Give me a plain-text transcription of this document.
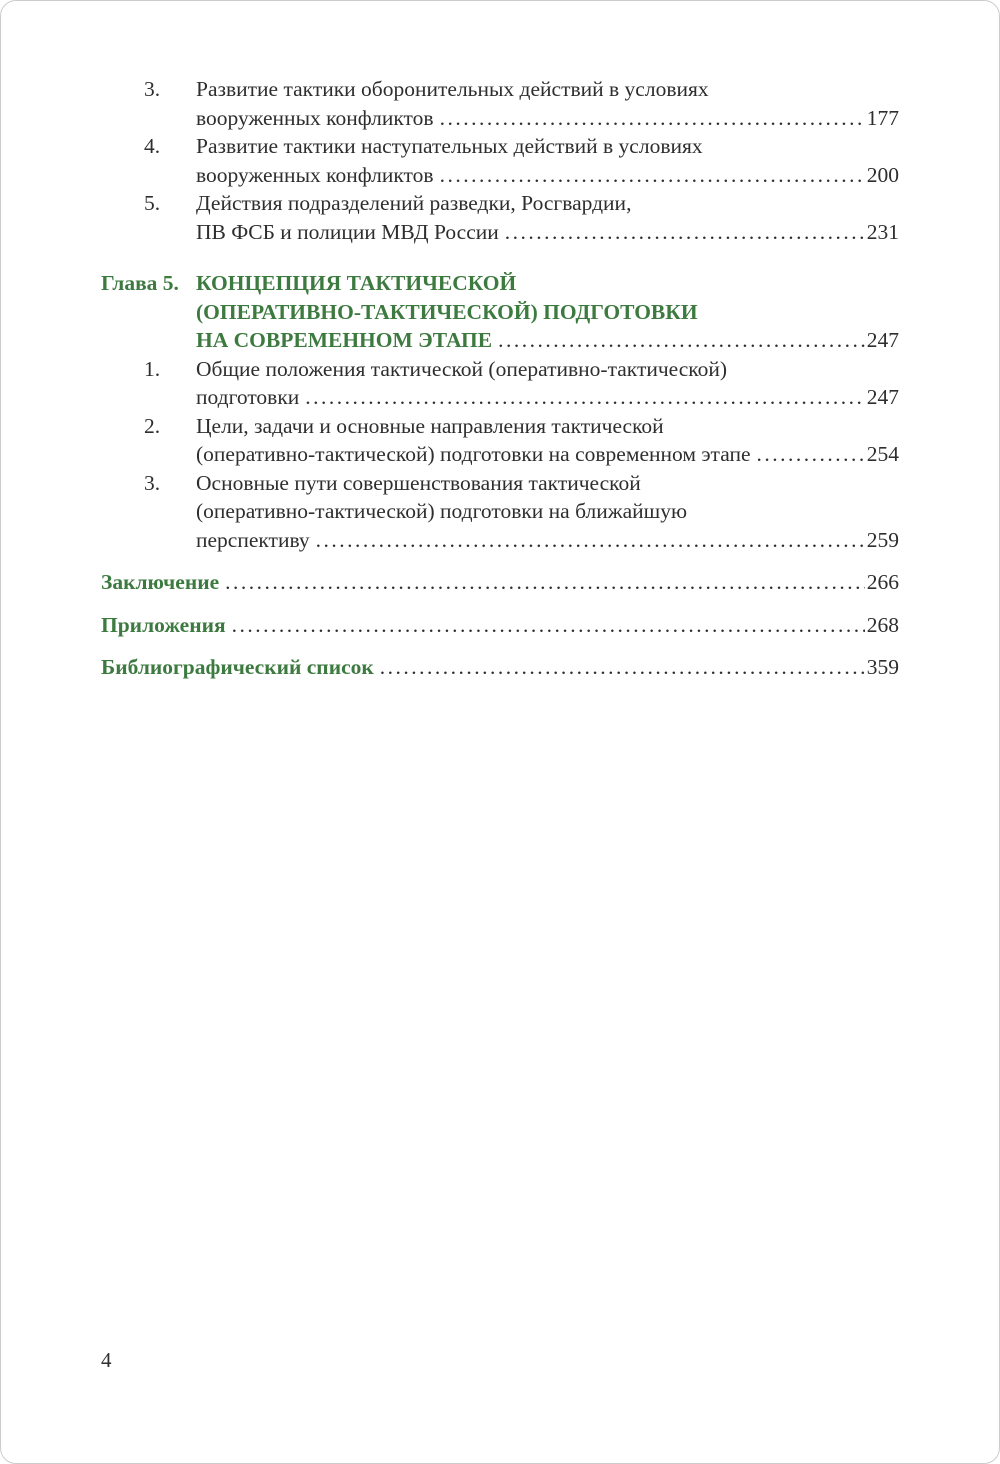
3.	Развитие тактики оборонительных действий в условиях
вооруженных конфликтов .....	177
4.	Развитие тактики наступательных действий в условиях
вооруженных конфликтов .....	200
5.	Действия подразделений разведки, Росгвардии,
ПВ ФСБ и полиции МВД России .....	231
Глава 5. КОНЦЕПЦИЯ ТАКТИЧЕСКОЙ
(ОПЕРАТИВНО-ТАКТИЧЕСКОЙ) ПОДГОТОВКИ
НА СОВРЕМЕННОМ ЭТАПЕ .....	247
1.	Общие положения тактической (оперативно-тактической)
подготовки .....	247
2.	Цели, задачи и основные направления тактической
(оперативно-тактической) подготовки на современном этапе .....	254
3.	Основные пути совершенствования тактической
(оперативно-тактической) подготовки на ближайшую
перспективу .....	259
Заключение .....	266
Приложения .....	268
Библиографический список .....	359
4
